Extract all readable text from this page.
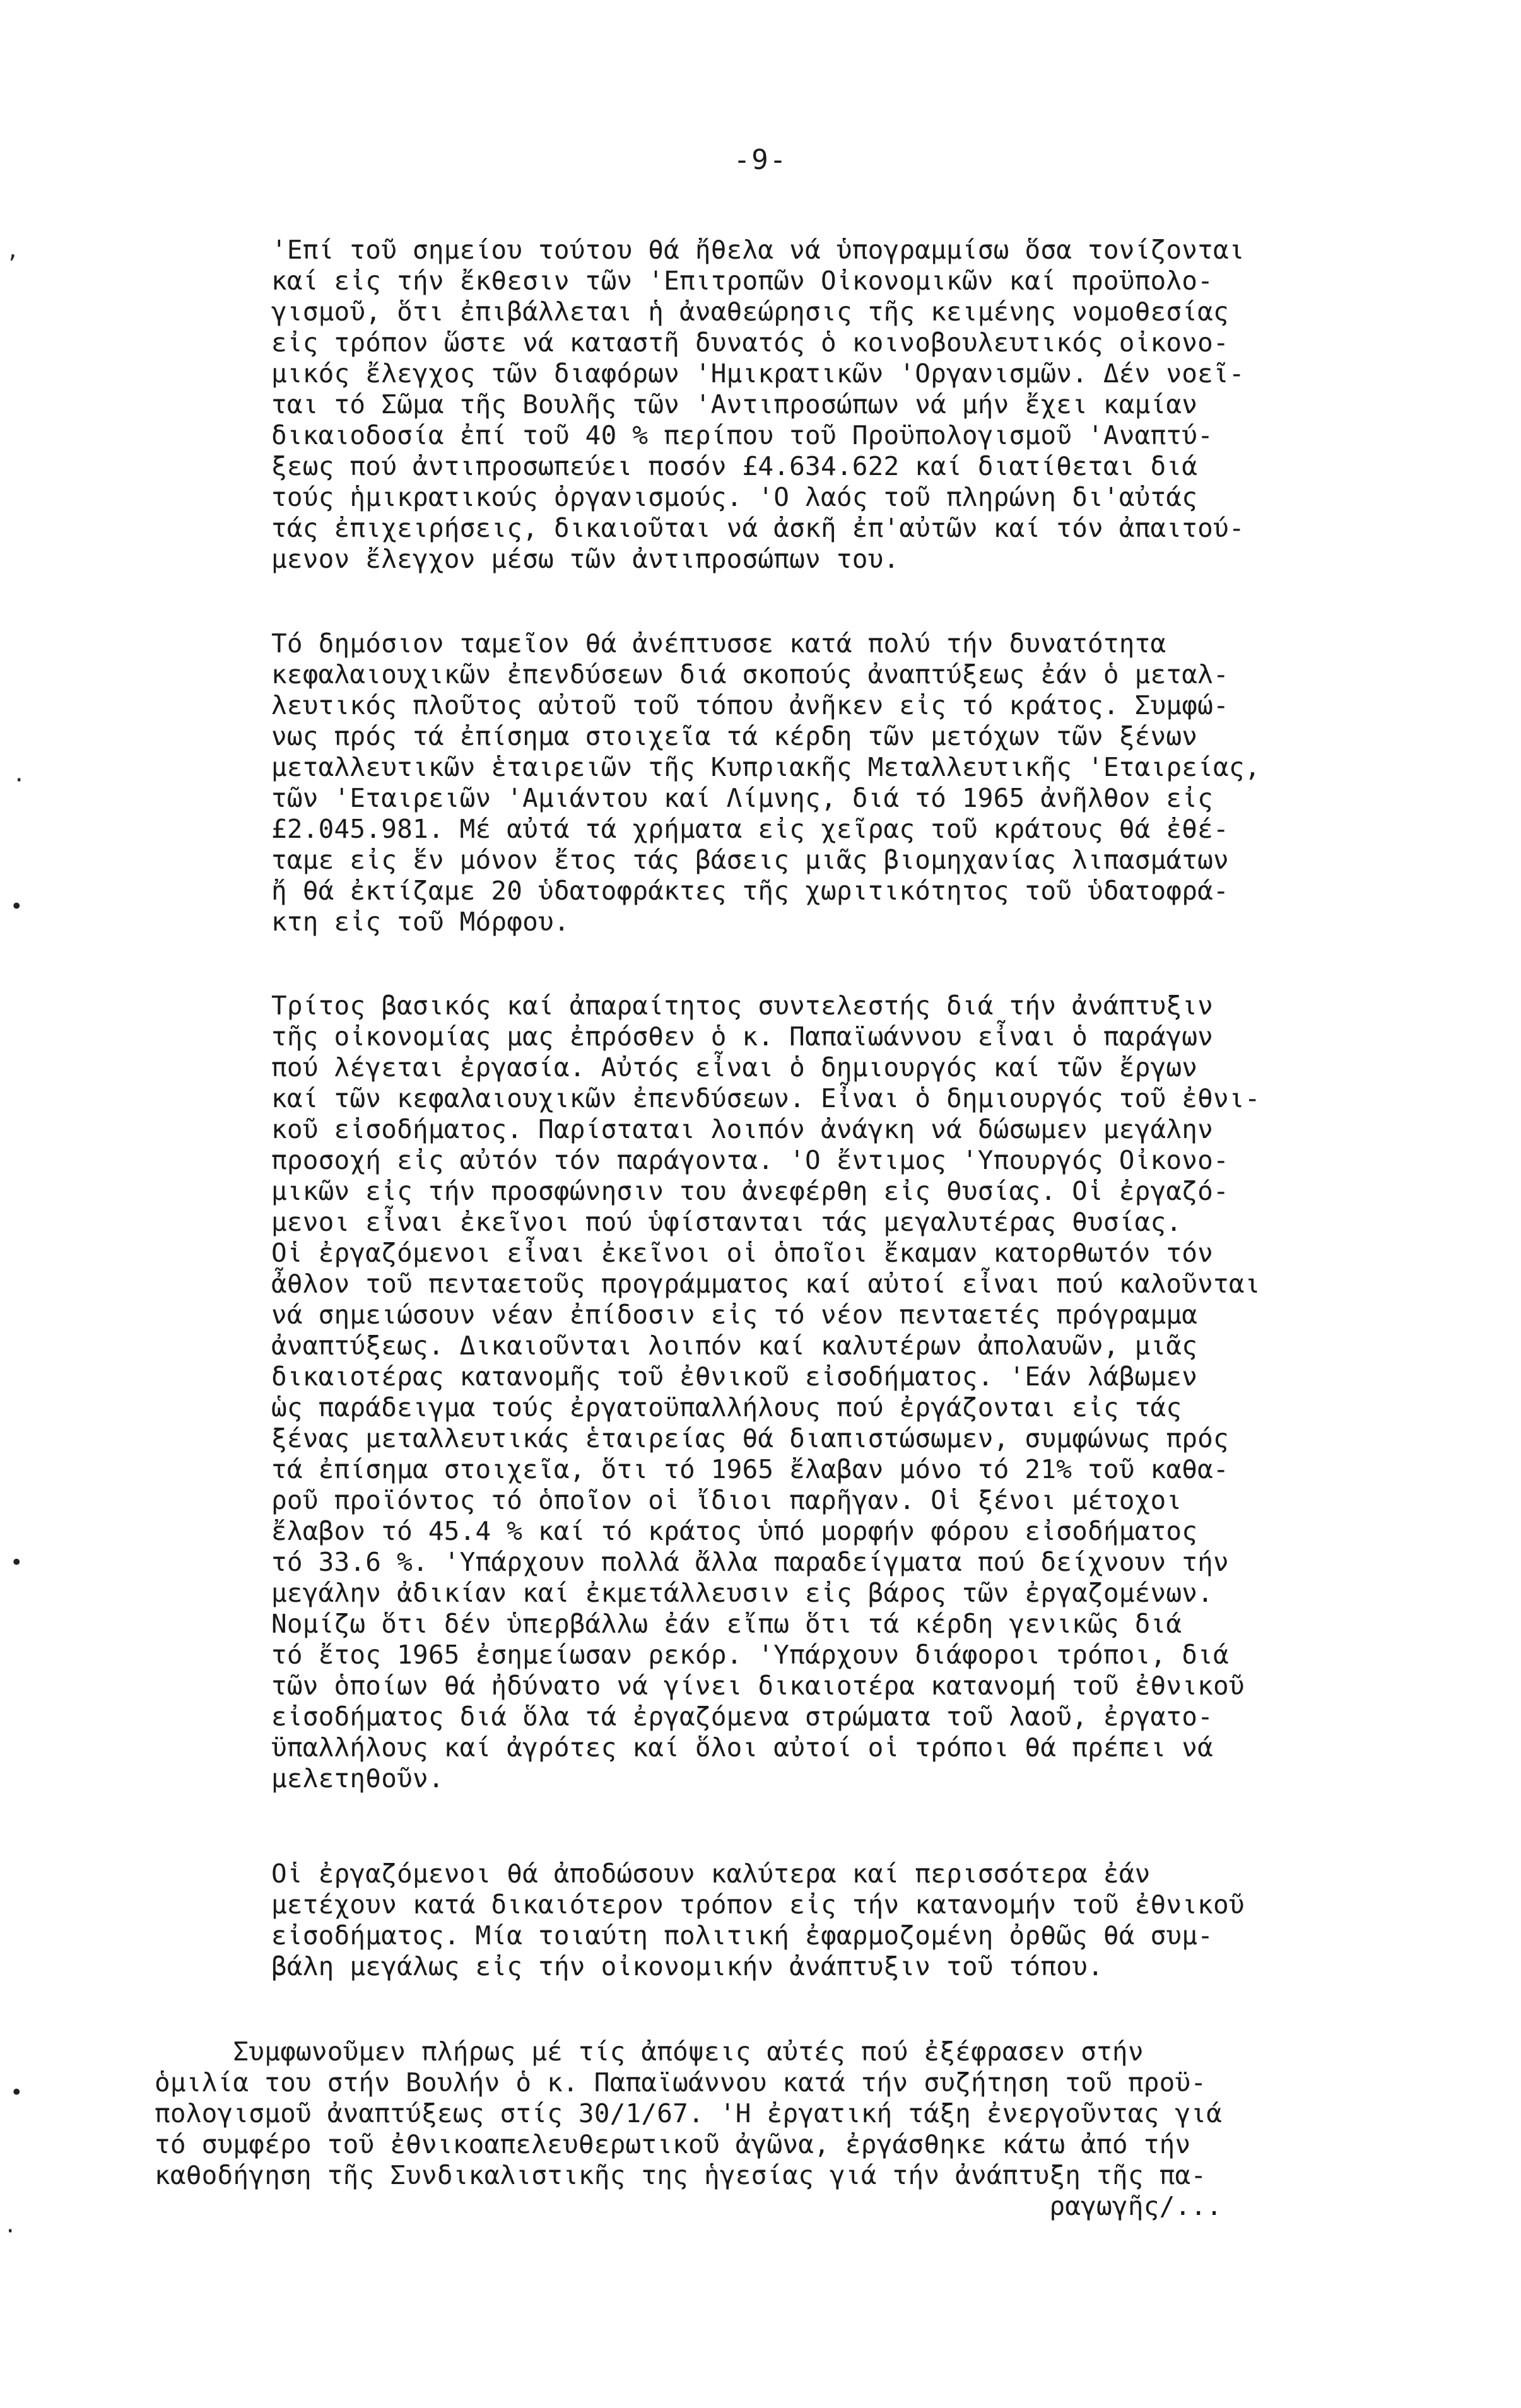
-9-
'Επί τοῦ σημείου τούτου θά ἤθελα νά ὑπογραμμίσω ὅσα τονίζονται
καί εἰς τήν ἔκθεσιν τῶν 'Επιτροπῶν Οἰκονομικῶν καί προϋπολο-
γισμοῦ, ὅτι ἐπιβάλλεται ἡ ἀναθεώρησις τῆς κειμένης νομοθεσίας
εἰς τρόπον ὥστε νά καταστῆ δυνατός ὁ κοινοβουλευτικός οἰκονο-
μικός ἔλεγχος τῶν διαφόρων 'Ημικρατικῶν 'Οργανισμῶν. Δέν νοεῖ-
ται τό Σῶμα τῆς Βουλῆς τῶν 'Αντιπροσώπων νά μήν ἔχει καμίαν
δικαιοδοσία ἐπί τοῦ 40 % περίπου τοῦ Προϋπολογισμοῦ 'Αναπτύ-
ξεως πού ἀντιπροσωπεύει ποσόν £4.634.622 καί διατίθεται διά
τούς ἡμικρατικούς ὀργανισμούς. 'Ο λαός τοῦ πληρώνη δι'αὐτάς
τάς ἐπιχειρήσεις, δικαιοῦται νά ἀσκῆ ἐπ'αὐτῶν καί τόν ἀπαιτού-
μενον ἔλεγχον μέσω τῶν ἀντιπροσώπων του.
Τό δημόσιον ταμεῖον θά ἀνέπτυσσε κατά πολύ τήν δυνατότητα
κεφαλαιουχικῶν ἐπενδύσεων διά σκοπούς ἀναπτύξεως ἐάν ὁ μεταλ-
λευτικός πλοῦτος αὐτοῦ τοῦ τόπου ἀνῆκεν εἰς τό κράτος. Συμφώ-
νως πρός τά ἐπίσημα στοιχεῖα τά κέρδη τῶν μετόχων τῶν ξένων
μεταλλευτικῶν ἑταιρειῶν τῆς Κυπριακῆς Μεταλλευτικῆς 'Εταιρείας,
τῶν 'Εταιρειῶν 'Αμιάντου καί Λίμνης, διά τό 1965 ἀνῆλθον εἰς
£2.045.981. Μέ αὐτά τά χρήματα εἰς χεῖρας τοῦ κράτους θά ἐθέ-
ταμε εἰς ἕν μόνον ἔτος τάς βάσεις μιᾶς βιομηχανίας λιπασμάτων
ἤ θά ἐκτίζαμε 20 ὑδατοφράκτες τῆς χωριτικότητος τοῦ ὑδατοφρά-
κτη εἰς τοῦ Μόρφου.
Τρίτος βασικός καί ἀπαραίτητος συντελεστής διά τήν ἀνάπτυξιν
τῆς οἰκονομίας μας ἐπρόσθεν ὁ κ. Παπαϊωάννου εἶναι ὁ παράγων
πού λέγεται ἐργασία. Αὐτός εἶναι ὁ δημιουργός καί τῶν ἔργων
καί τῶν κεφαλαιουχικῶν ἐπενδύσεων. Εἶναι ὁ δημιουργός τοῦ ἐθνι-
κοῦ εἰσοδήματος. Παρίσταται λοιπόν ἀνάγκη νά δώσωμεν μεγάλην
προσοχή εἰς αὐτόν τόν παράγοντα. 'Ο ἔντιμος 'Υπουργός Οἰκονο-
μικῶν εἰς τήν προσφώνησιν του ἀνεφέρθη εἰς θυσίας. Οἱ ἐργαζό-
μενοι εἶναι ἐκεῖνοι πού ὑφίστανται τάς μεγαλυτέρας θυσίας.
Οἱ ἐργαζόμενοι εἶναι ἐκεῖνοι οἱ ὁποῖοι ἔκαμαν κατορθωτόν τόν
ἆθλον τοῦ πενταετοῦς προγράμματος καί αὐτοί εἶναι πού καλοῦνται
νά σημειώσουν νέαν ἐπίδοσιν εἰς τό νέον πενταετές πρόγραμμα
ἀναπτύξεως. Δικαιοῦνται λοιπόν καί καλυτέρων ἀπολαυῶν, μιᾶς
δικαιοτέρας κατανομῆς τοῦ ἐθνικοῦ εἰσοδήματος. 'Εάν λάβωμεν
ὡς παράδειγμα τούς ἐργατοϋπαλλήλους πού ἐργάζονται εἰς τάς
ξένας μεταλλευτικάς ἑταιρείας θά διαπιστώσωμεν, συμφώνως πρός
τά ἐπίσημα στοιχεῖα, ὅτι τό 1965 ἔλαβαν μόνο τό 21% τοῦ καθα-
ροῦ προϊόντος τό ὁποῖον οἱ ἴδιοι παρῆγαν. Οἱ ξένοι μέτοχοι
ἔλαβον τό 45.4 % καί τό κράτος ὑπό μορφήν φόρου εἰσοδήματος
τό 33.6 %. 'Υπάρχουν πολλά ἄλλα παραδείγματα πού δείχνουν τήν
μεγάλην ἀδικίαν καί ἐκμετάλλευσιν εἰς βάρος τῶν ἐργαζομένων.
Νομίζω ὅτι δέν ὑπερβάλλω ἐάν εἴπω ὅτι τά κέρδη γενικῶς διά
τό ἔτος 1965 ἐσημείωσαν ρεκόρ. 'Υπάρχουν διάφοροι τρόποι, διά
τῶν ὁποίων θά ἠδύνατο νά γίνει δικαιοτέρα κατανομή τοῦ ἐθνικοῦ
εἰσοδήματος διά ὅλα τά ἐργαζόμενα στρώματα τοῦ λαοῦ, ἐργατο-
ϋπαλλήλους καί ἀγρότες καί ὅλοι αὐτοί οἱ τρόποι θά πρέπει νά
μελετηθοῦν.
Οἱ ἐργαζόμενοι θά ἀποδώσουν καλύτερα καί περισσότερα ἐάν
μετέχουν κατά δικαιότερον τρόπον εἰς τήν κατανομήν τοῦ ἐθνικοῦ
εἰσοδήματος. Μία τοιαύτη πολιτική ἐφαρμοζομένη ὀρθῶς θά συμ-
βάλη μεγάλως εἰς τήν οἰκονομικήν ἀνάπτυξιν τοῦ τόπου.
Συμφωνοῦμεν πλήρως μέ τίς ἀπόψεις αὐτές πού ἐξέφρασεν στήν
ὁμιλία του στήν Βουλήν ὁ κ. Παπαϊωάννου κατά τήν συζήτηση τοῦ προϋ-
πολογισμοῦ ἀναπτύξεως στίς 30/1/67. 'Η ἐργατική τάξη ἐνεργοῦντας γιά
τό συμφέρο τοῦ ἐθνικοαπελευθερωτικοῦ ἀγῶνα, ἐργάσθηκε κάτω ἀπό τήν
καθοδήγηση τῆς Συνδικαλιστικῆς της ἡγεσίας γιά τήν ἀνάπτυξη τῆς πα-
ραγωγῆς/...
,
·
•
•
•
·
